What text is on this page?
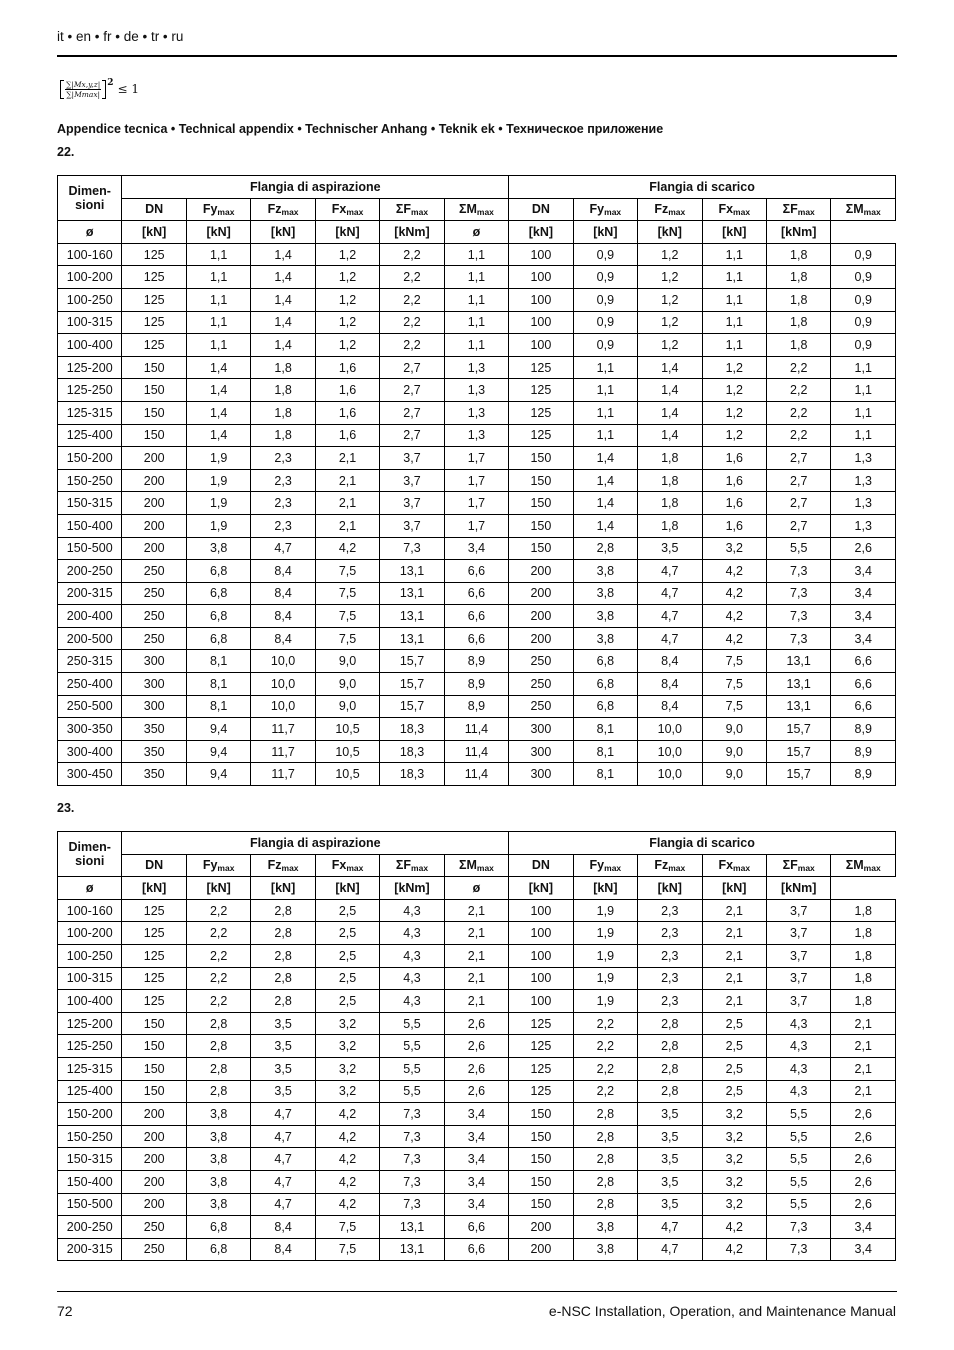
it • en • fr • de • tr • ru
$\frac{\sum|Mx,y,z|}{\sum|Mmax|} 2 \le 1$
Appendice tecnica • Technical appendix • Technischer Anhang • Teknik ek • Техническое приложение
22.
Dimen-
sioni	Flangia di aspirazione						Flangia di scarico					
	DN	$Fy_{max}$	$Fz_{max}$	$Fx_{max}$	$\Sigma F_{max}$	$\Sigma M_{max}$	DN	$Fy_{max}$	$Fz_{max}$	$Fx_{max}$	$\Sigma F_{max}$	$\Sigma M_{max}$
ø	[kN]	[kN]	[kN]	[kN]	[kNm]	ø	[kN]	[kN]	[kN]	[kN]	[kNm]	
100-160	125	1,1	1,4	1,2	2,2	1,1	100	0,9	1,2	1,1	1,8	0,9
100-200	125	1,1	1,4	1,2	2,2	1,1	100	0,9	1,2	1,1	1,8	0,9
100-250	125	1,1	1,4	1,2	2,2	1,1	100	0,9	1,2	1,1	1,8	0,9
100-315	125	1,1	1,4	1,2	2,2	1,1	100	0,9	1,2	1,1	1,8	0,9
100-400	125	1,1	1,4	1,2	2,2	1,1	100	0,9	1,2	1,1	1,8	0,9
125-200	150	1,4	1,8	1,6	2,7	1,3	125	1,1	1,4	1,2	2,2	1,1
125-250	150	1,4	1,8	1,6	2,7	1,3	125	1,1	1,4	1,2	2,2	1,1
125-315	150	1,4	1,8	1,6	2,7	1,3	125	1,1	1,4	1,2	2,2	1,1
125-400	150	1,4	1,8	1,6	2,7	1,3	125	1,1	1,4	1,2	2,2	1,1
150-200	200	1,9	2,3	2,1	3,7	1,7	150	1,4	1,8	1,6	2,7	1,3
150-250	200	1,9	2,3	2,1	3,7	1,7	150	1,4	1,8	1,6	2,7	1,3
150-315	200	1,9	2,3	2,1	3,7	1,7	150	1,4	1,8	1,6	2,7	1,3
150-400	200	1,9	2,3	2,1	3,7	1,7	150	1,4	1,8	1,6	2,7	1,3
150-500	200	3,8	4,7	4,2	7,3	3,4	150	2,8	3,5	3,2	5,5	2,6
200-250	250	6,8	8,4	7,5	13,1	6,6	200	3,8	4,7	4,2	7,3	3,4
200-315	250	6,8	8,4	7,5	13,1	6,6	200	3,8	4,7	4,2	7,3	3,4
200-400	250	6,8	8,4	7,5	13,1	6,6	200	3,8	4,7	4,2	7,3	3,4
200-500	250	6,8	8,4	7,5	13,1	6,6	200	3,8	4,7	4,2	7,3	3,4
250-315	300	8,1	10,0	9,0	15,7	8,9	250	6,8	8,4	7,5	13,1	6,6
250-400	300	8,1	10,0	9,0	15,7	8,9	250	6,8	8,4	7,5	13,1	6,6
250-500	300	8,1	10,0	9,0	15,7	8,9	250	6,8	8,4	7,5	13,1	6,6
300-350	350	9,4	11,7	10,5	18,3	11,4	300	8,1	10,0	9,0	15,7	8,9
300-400	350	9,4	11,7	10,5	18,3	11,4	300	8,1	10,0	9,0	15,7	8,9
300-450	350	9,4	11,7	10,5	18,3	11,4	300	8,1	10,0	9,0	15,7	8,9
23.
Dimen-
sioni	Flangia di aspirazione						Flangia di scarico					
	DN	$Fy_{max}$	$Fz_{max}$	$Fx_{max}$	$\Sigma F_{max}$	$\Sigma M_{max}$	DN	$Fy_{max}$	$Fz_{max}$	$Fx_{max}$	$\Sigma F_{max}$	$\Sigma M_{max}$
ø	[kN]	[kN]	[kN]	[kN]	[kNm]	ø	[kN]	[kN]	[kN]	[kN]	[kNm]	
100-160	125	2,2	2,8	2,5	4,3	2,1	100	1,9	2,3	2,1	3,7	1,8
100-200	125	2,2	2,8	2,5	4,3	2,1	100	1,9	2,3	2,1	3,7	1,8
100-250	125	2,2	2,8	2,5	4,3	2,1	100	1,9	2,3	2,1	3,7	1,8
100-315	125	2,2	2,8	2,5	4,3	2,1	100	1,9	2,3	2,1	3,7	1,8
100-400	125	2,2	2,8	2,5	4,3	2,1	100	1,9	2,3	2,1	3,7	1,8
125-200	150	2,8	3,5	3,2	5,5	2,6	125	2,2	2,8	2,5	4,3	2,1
125-250	150	2,8	3,5	3,2	5,5	2,6	125	2,2	2,8	2,5	4,3	2,1
125-315	150	2,8	3,5	3,2	5,5	2,6	125	2,2	2,8	2,5	4,3	2,1
125-400	150	2,8	3,5	3,2	5,5	2,6	125	2,2	2,8	2,5	4,3	2,1
150-200	200	3,8	4,7	4,2	7,3	3,4	150	2,8	3,5	3,2	5,5	2,6
150-250	200	3,8	4,7	4,2	7,3	3,4	150	2,8	3,5	3,2	5,5	2,6
150-315	200	3,8	4,7	4,2	7,3	3,4	150	2,8	3,5	3,2	5,5	2,6
150-400	200	3,8	4,7	4,2	7,3	3,4	150	2,8	3,5	3,2	5,5	2,6
150-500	200	3,8	4,7	4,2	7,3	3,4	150	2,8	3,5	3,2	5,5	2,6
200-250	250	6,8	8,4	7,5	13,1	6,6	200	3,8	4,7	4,2	7,3	3,4
200-315	250	6,8	8,4	7,5	13,1	6,6	200	3,8	4,7	4,2	7,3	3,4
72	e-NSC Installation, Operation, and Maintenance Manual
